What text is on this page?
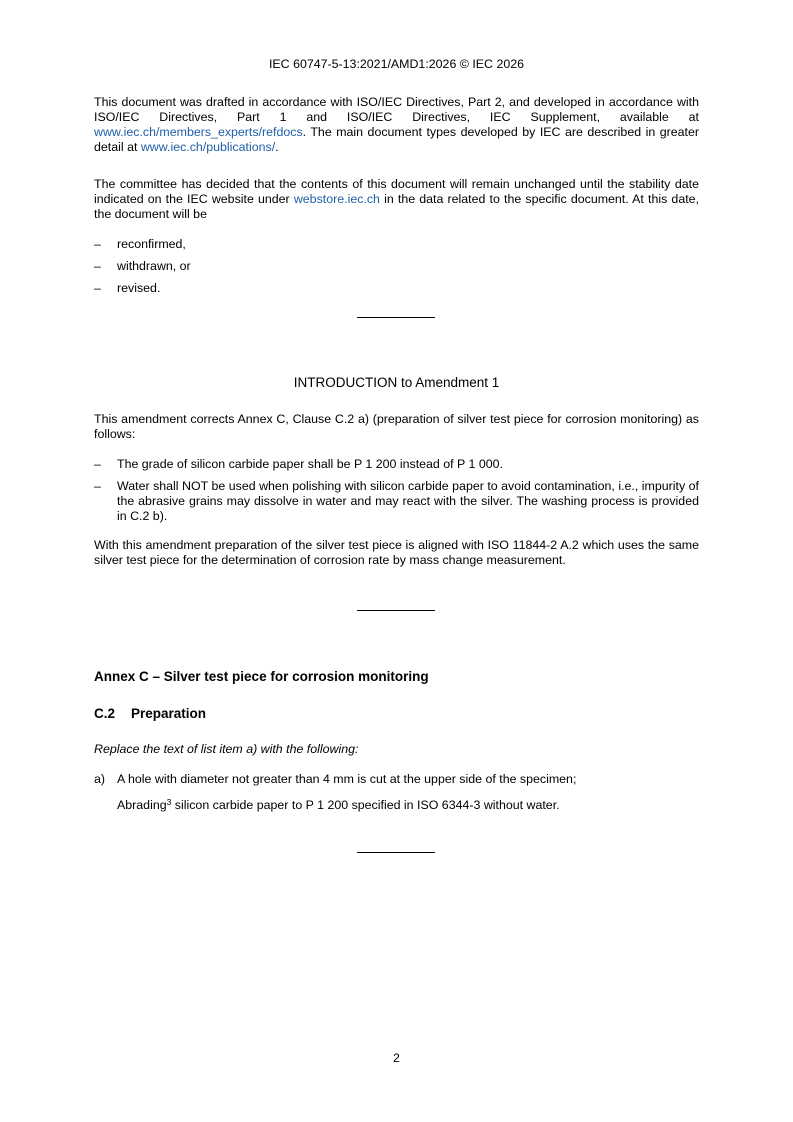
IEC 60747-5-13:2021/AMD1:2026 © IEC 2026

This document was drafted in accordance with ISO/IEC Directives, Part 2, and developed in accordance with ISO/IEC Directives, Part 1 and ISO/IEC Directives, IEC Supplement, available at www.iec.ch/members_experts/refdocs. The main document types developed by IEC are described in greater detail at www.iec.ch/publications/.

The committee has decided that the contents of this document will remain unchanged until the stability date indicated on the IEC website under webstore.iec.ch in the data related to the specific document. At this date, the document will be

– reconfirmed,
– withdrawn, or
– revised.
INTRODUCTION to Amendment 1

This amendment corrects Annex C, Clause C.2 a) (preparation of silver test piece for corrosion monitoring) as follows:

– The grade of silicon carbide paper shall be P 1 200 instead of P 1 000.
– Water shall NOT be used when polishing with silicon carbide paper to avoid contamination, i.e., impurity of the abrasive grains may dissolve in water and may react with the silver. The washing process is provided in C.2 b).

With this amendment preparation of the silver test piece is aligned with ISO 11844-2 A.2 which uses the same silver test piece for the determination of corrosion rate by mass change measurement.

Annex C – Silver test piece for corrosion monitoring
C.2 Preparation
Replace the text of list item a) with the following:
a) A hole with diameter not greater than 4 mm is cut at the upper side of the specimen;
Abrading$^3$ silicon carbide paper to P 1 200 specified in ISO 6344-3 without water.
2
